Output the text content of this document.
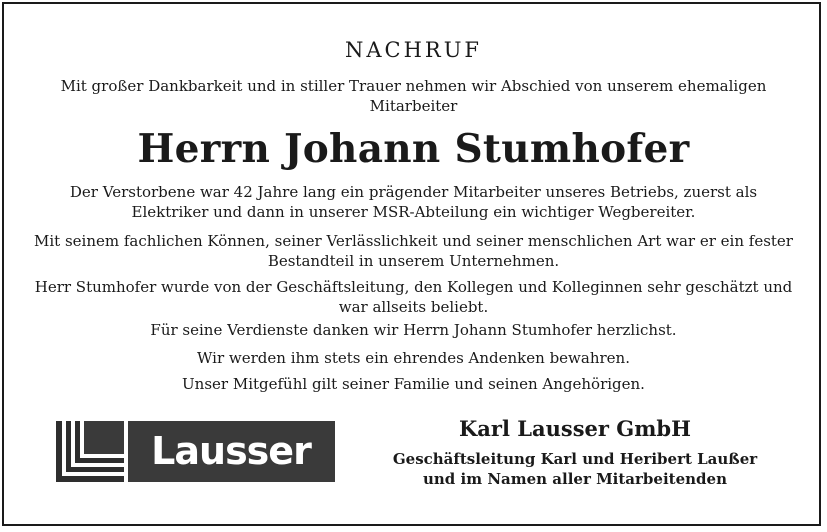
NACHRUF
Mit großer Dankbarkeit und in stiller Trauer nehmen wir Abschied von unserem ehemaligen Mitarbeiter
Herrn Johann Stumhofer
Der Verstorbene war 42 Jahre lang ein prägender Mitarbeiter unseres Betriebs, zuerst als Elektriker und dann in unserer MSR-Abteilung ein wichtiger Wegbereiter.
Mit seinem fachlichen Können, seiner Verlässlichkeit und seiner menschlichen Art war er ein fester Bestandteil in unserem Unternehmen.
Herr Stumhofer wurde von der Geschäftsleitung, den Kollegen und Kolleginnen sehr geschätzt und war allseits beliebt.
Für seine Verdienste danken wir Herrn Johann Stumhofer herzlichst.
Wir werden ihm stets ein ehrendes Andenken bewahren.
Unser Mitgefühl gilt seiner Familie und seinen Angehörigen.
Lausser
Karl Lausser GmbH
Geschäftsleitung Karl und Heribert Laußer
und im Namen aller Mitarbeitenden
